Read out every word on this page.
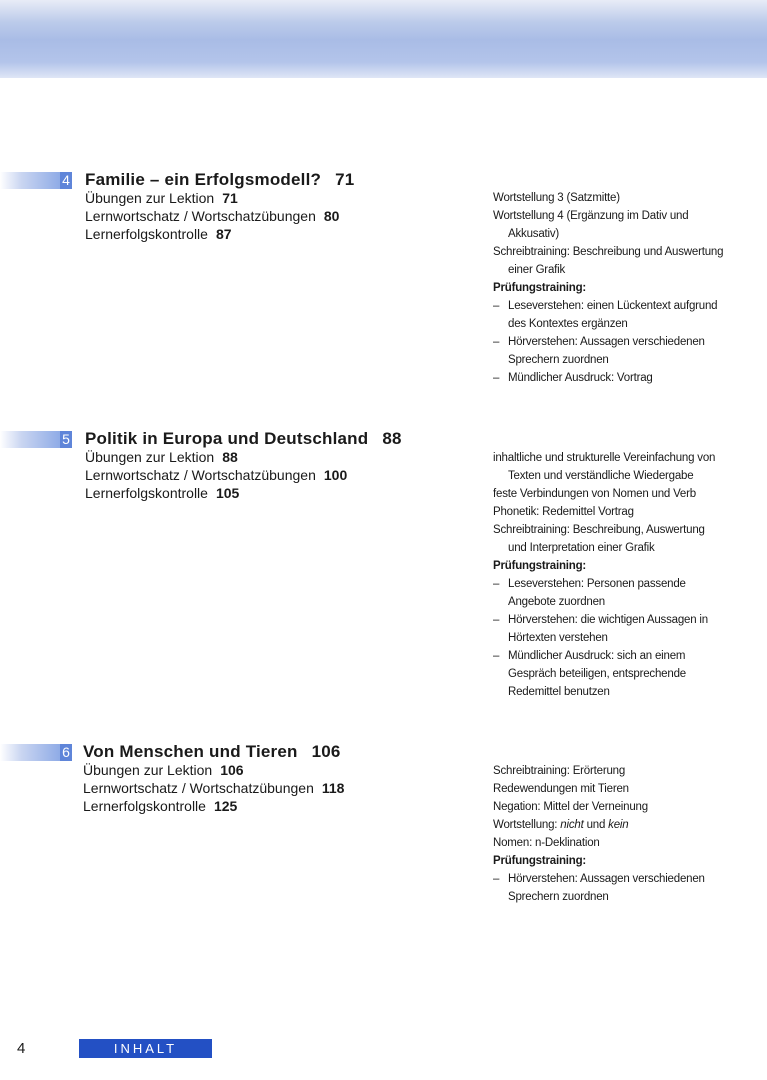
4 Familie – ein Erfolgsmodell? 71
Übungen zur Lektion 71
Lernwortschatz / Wortschatzübungen 80
Lernerfolgskontrolle 87
Wortstellung 3 (Satzmitte)
Wortstellung 4 (Ergänzung im Dativ und
Akkusativ)
Schreibtraining: Beschreibung und Auswertung
einer Grafik
Prüfungstraining:
– Leseverstehen: einen Lückentext aufgrund
des Kontextes ergänzen
– Hörverstehen: Aussagen verschiedenen
Sprechern zuordnen
– Mündlicher Ausdruck: Vortrag
5 Politik in Europa und Deutschland 88
Übungen zur Lektion 88
Lernwortschatz / Wortschatzübungen 100
Lernerfolgskontrolle 105
inhaltliche und strukturelle Vereinfachung von
Texten und verständliche Wiedergabe
feste Verbindungen von Nomen und Verb
Phonetik: Redemittel Vortrag
Schreibtraining: Beschreibung, Auswertung
und Interpretation einer Grafik
Prüfungstraining:
– Leseverstehen: Personen passende
Angebote zuordnen
– Hörverstehen: die wichtigen Aussagen in
Hörtexten verstehen
– Mündlicher Ausdruck: sich an einem
Gespräch beteiligen, entsprechende
Redemittel benutzen
6 Von Menschen und Tieren 106
Übungen zur Lektion 106
Lernwortschatz / Wortschatzübungen 118
Lernerfolgskontrolle 125
Schreibtraining: Erörterung
Redewendungen mit Tieren
Negation: Mittel der Verneinung
Wortstellung: nicht und kein
Nomen: n-Deklination
Prüfungstraining:
– Hörverstehen: Aussagen verschiedenen
Sprechern zuordnen
4	INHALT
